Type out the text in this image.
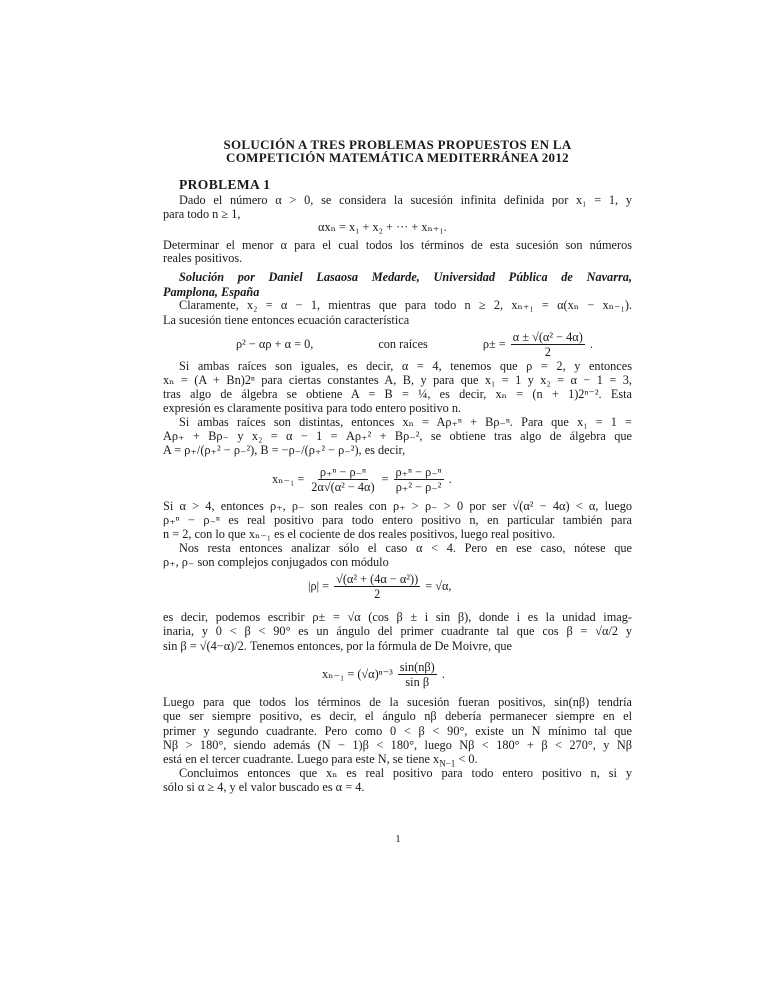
SOLUCIÓN A TRES PROBLEMAS PROPUESTOS EN LA
COMPETICIÓN MATEMÁTICA MEDITERRÁNEA 2012
PROBLEMA 1
Dado el número α > 0, se considera la sucesión infinita definida por x₁ = 1, y
para todo n ≥ 1,
αxₙ = x₁ + x₂ + ··· + xₙ₊₁.
Determinar el menor α para el cual todos los términos de esta sucesión son números
reales positivos.
Solución por Daniel Lasaosa Medarde, Universidad Pública de Navarra,
Pamplona, España
Claramente, x₂ = α − 1, mientras que para todo n ≥ 2, xₙ₊₁ = α(xₙ − xₙ₋₁).
La sucesión tiene entonces ecuación característica
ρ² − αρ + α = 0,	con raíces	$\rho\pm = \frac{\text{α ± √(α² − 4α)}}{2}$ .
Si ambas raíces son iguales, es decir, α = 4, tenemos que ρ = 2, y entonces
xₙ = (A + Bn)2ⁿ para ciertas constantes A, B, y para que x₁ = 1 y x₂ = α − 1 = 3,
tras algo de álgebra se obtiene A = B = ¼, es decir, xₙ = (n + 1)2ⁿ⁻². Esta
expresión es claramente positiva para todo entero positivo n.
Si ambas raíces son distintas, entonces xₙ = Aρ₊ⁿ + Bρ₋ⁿ. Para que x₁ = 1 =
Aρ₊ + Bρ₋ y x₂ = α − 1 = Aρ₊² + Bρ₋², se obtiene tras algo de álgebra que
A = ρ₊/(ρ₊² − ρ₋²), B = −ρ₋/(ρ₊² − ρ₋²), es decir,
$x_{n-1} = \frac{\text{ρ₊ⁿ − ρ₋ⁿ}}{\text{2α√(α² − 4α)}} = \frac{\text{ρ₊ⁿ − ρ₋ⁿ}}{\text{ρ₊² − ρ₋²}}$ .
Si α > 4, entonces ρ₊, ρ₋ son reales con ρ₊ > ρ₋ > 0 por ser √(α² − 4α) < α, luego
ρ₊ⁿ − ρ₋ⁿ es real positivo para todo entero positivo n, en particular también para
n = 2, con lo que xₙ₋₁ es el cociente de dos reales positivos, luego real positivo.
Nos resta entonces analizar sólo el caso α < 4. Pero en ese caso, nótese que
ρ₊, ρ₋ son complejos conjugados con módulo
$|\rho| = \frac{\text{√(α² + (4α − α²))}}{2} = √\alpha$,
es decir, podemos escribir ρ± = √α (cos β ± i sin β), donde i es la unidad imag-
inaria, y 0 < β < 90° es un ángulo del primer cuadrante tal que cos β = √α/2 y
sin β = √(4−α)/2. Tenemos entonces, por la fórmula de De Moivre, que
$x_{n-1} = (√\alpha)^{n-3} \frac{\sin(n\beta)}{\text{sin β}}$ .
Luego para que todos los términos de la sucesión fueran positivos, sin(nβ) tendría
que ser siempre positivo, es decir, el ángulo nβ debería permanecer siempre en el
primer y segundo cuadrante. Pero como 0 < β < 90°, existe un N mínimo tal que
Nβ > 180°, siendo además (N − 1)β < 180°, luego Nβ < 180° + β < 270°, y Nβ
está en el tercer cuadrante. Luego para este N, se tiene $x_{N-1} < 0$.
Concluimos entonces que xₙ es real positivo para todo entero positivo n, si y
sólo si α ≥ 4, y el valor buscado es α = 4.
1
